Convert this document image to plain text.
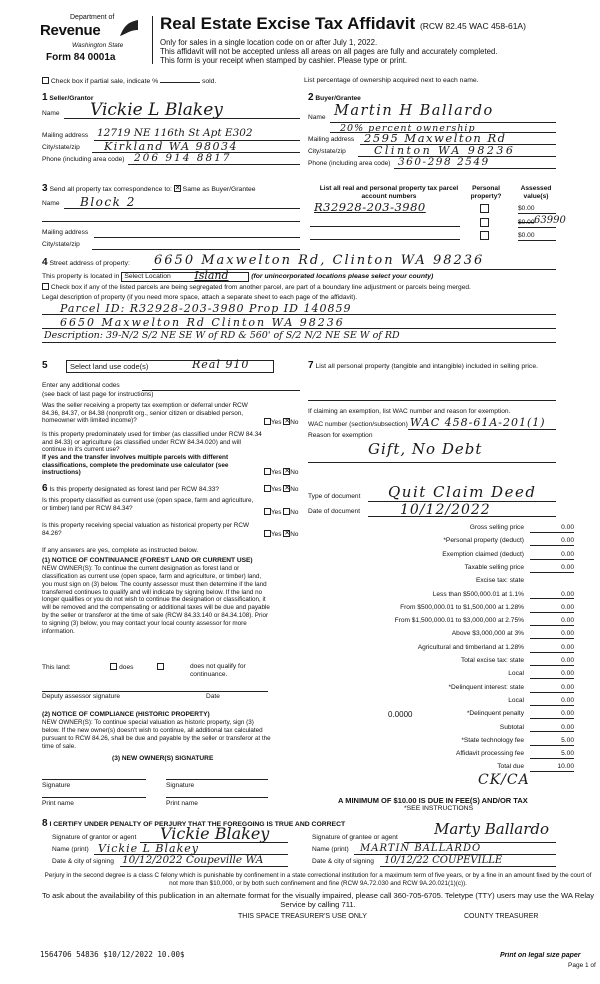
Department of
Revenue
Washington State
Form 84 0001a
Real Estate Excise Tax Affidavit (RCW 82.45 WAC 458-61A)
Only for sales in a single location code on or after July 1, 2022.
This affidavit will not be accepted unless all areas on all pages are fully and accurately completed.
This form is your receipt when stamped by cashier. Please type or print.
Check box if partial sale, indicate %	sold.	List percentage of ownership acquired next to each name.
1 Seller/Grantor
Name Vickie L Blakey
Mailing address 12719 NE 116th St Apt E302
City/state/zip Kirkland WA 98034
Phone (including area code) 206 914 8817
2 Buyer/Grantee
Name Martin H Ballardo
20% percent ownership
Mailing address 2595 Maxwelton Rd
City/state/zip	Clinton WA 98236
Phone (including area code) 360-298 2549
3 Send all property tax correspondence to: ✕ Same as Buyer/Grantee
Name Block 2
Mailing address
City/state/zip
List all real and personal property tax parcel account numbers
Personal property?
Assessed value(s)
R32928-203-3980	$0.00
$0.00 63990
$0.00
4 Street address of property: 6650 Maxwelton Rd, Clinton WA 98236
This property is located in Select Location Island	(for unincorporated locations please select your county)
Check box if any of the listed parcels are being segregated from another parcel, are part of a boundary line adjustment or parcels being merged.
Legal description of property (if you need more space, attach a separate sheet to each page of the affidavit).
Parcel ID: R32928-203-3980 Prop ID 140859
6650 Maxwelton Rd Clinton WA 98236
Description: 39-N/2 S/2 NE SE W of RD & 560' of S/2 N/2 NE SE W of RD
5	Select land use code(s)	Real 910
Enter any additional codes
(see back of last page for instructions)
Was the seller receiving a property tax exemption or deferral under RCW 84.36, 84.37, or 84.38 (nonprofit org., senior citizen or disabled person, homeowner with limited income)?	Yes ✕ No
Is this property predominately used for timber (as classified under RCW 84.34 and 84.33) or agriculture (as classified under RCW 84.34.020) and will continue in it's current use?
If yes and the transfer involves multiple parcels with different classifications, complete the predominate use calculator (see instructions)	Yes ✕ No
6 Is this property designated as forest land per RCW 84.33?	Yes ✕ No
Is this property classified as current use (open space, farm and agriculture, or timber) land per RCW 84.34?
Yes No
Is this property receiving special valuation as historical property per RCW 84.26?	Yes ✕ No
If any answers are yes, complete as instructed below.
(1) NOTICE OF CONTINUANCE (FOREST LAND OR CURRENT USE)
NEW OWNER(S): To continue the current designation as forest land or classification as current use (open space, farm and agriculture, or timber) land, you must sign on (3) below. The county assessor must then determine if the land transferred continues to qualify and will indicate by signing below. If the land no longer qualifies or you do not wish to continue the designation or classification, it will be removed and the compensating or additional taxes will be due and payable by the seller or transferor at the time of sale (RCW 84.33.140 or 84.34.108). Prior to signing (3) below, you may contact your local county assessor for more information.
This land:	does	does not qualify for continuance.
Deputy assessor signature	Date
(2) NOTICE OF COMPLIANCE (HISTORIC PROPERTY)
NEW OWNER(S): To continue special valuation as historic property, sign (3) below. If the new owner(s) doesn't wish to continue, all additional tax calculated pursuant to RCW 84.26, shall be due and payable by the seller or transferor at the time of sale.
(3) NEW OWNER(S) SIGNATURE
Signature	Signature
Print name	Print name
7 List all personal property (tangible and intangible) included in selling price.
If claiming an exemption, list WAC number and reason for exemption.
WAC number (section/subsection) WAC 458-61A-201(1)
Reason for exemption
Gift, No Debt
Type of document Quit Claim Deed
Date of document	10/12/2022
Gross selling price	0.00
*Personal property (deduct)	0.00
Exemption claimed (deduct)	0.00
Taxable selling price	0.00
Excise tax: state
Less than $500,000.01 at 1.1%	0.00
From $500,000.01 to $1,500,000 at 1.28%	0.00
From $1,500,000.01 to $3,000,000 at 2.75%	0.00
Above $3,000,000 at 3%	0.00
Agricultural and timberland at 1.28%	0.00
Total excise tax: state	0.00
Local	0.00
*Delinquent interest: state	0.00
Local	0.00
*Delinquent penalty	0.00
Subtotal	0.00
*State technology fee	5.00
Affidavit processing fee	5.00
Total due	10.00
0.0000
CK/CA
A MINIMUM OF $10.00 IS DUE IN FEE(S) AND/OR TAX
*SEE INSTRUCTIONS
8 I CERTIFY UNDER PENALTY OF PERJURY THAT THE FOREGOING IS TRUE AND CORRECT
Signature of grantor or agent Vickie Blakey
Name (print) Vickie L Blakey
Date & city of signing 10/12/2022 Coupeville WA
Signature of grantee or agent Marty Ballardo
Name (print) MARTIN BALLARDO
Date & city of signing 10/12/22 COUPEVILLE
Perjury in the second degree is a class C felony which is punishable by confinement in a state correctional institution for a maximum term of five years, or by a fine in an amount fixed by the court of not more than $10,000, or by both such confinement and fine (RCW 9A.72.030 and RCW 9A.20.021(1)(c)).
To ask about the availability of this publication in an alternate format for the visually impaired, please call 360-705-6705. Teletype (TTY) users may use the WA Relay Service by calling 711.
THIS SPACE TREASURER'S USE ONLY	COUNTY TREASURER
1564706 54836 $10/12/2022 10.00$	Print on legal size paper
Page 1 of
